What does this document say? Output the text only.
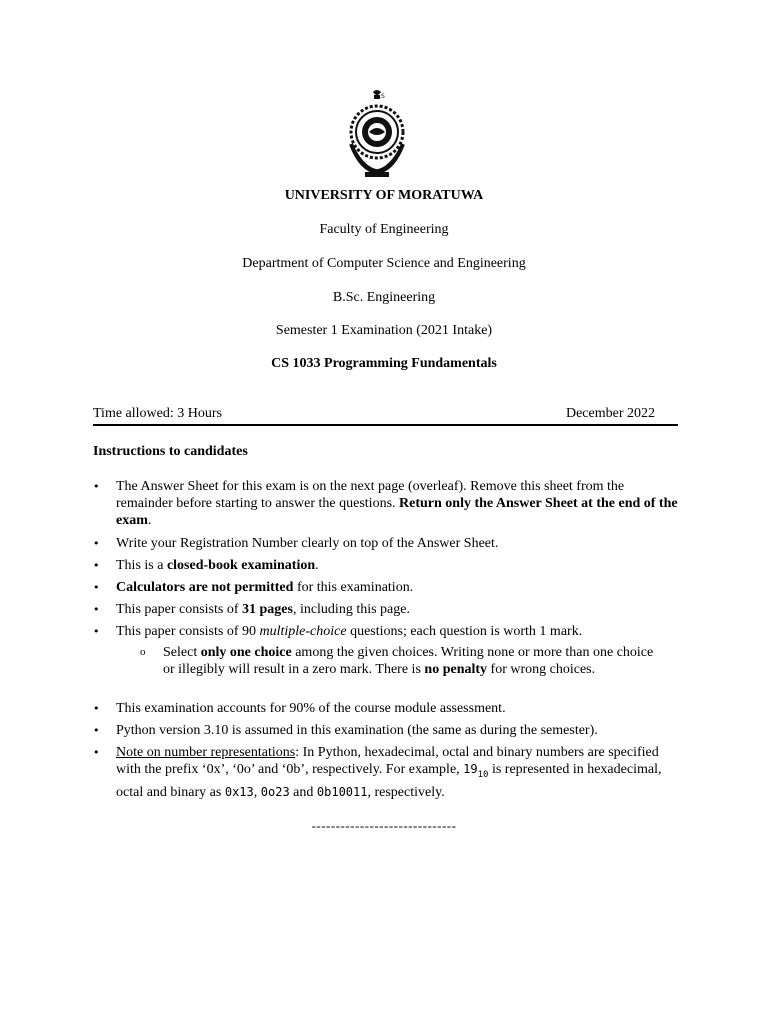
S
UNIVERSITY OF MORATUWA
Faculty of Engineering
Department of Computer Science and Engineering
B.Sc. Engineering
Semester 1 Examination (2021 Intake)
CS 1033 Programming Fundamentals
Time allowed: 3 Hours	December 2022
Instructions to candidates
•	The Answer Sheet for this exam is on the next page (overleaf). Remove this sheet from the remainder before starting to answer the questions. Return only the Answer Sheet at the end of the exam.
•	Write your Registration Number clearly on top of the Answer Sheet.
•	This is a closed-book examination.
•	Calculators are not permitted for this examination.
•	This paper consists of 31 pages, including this page.
•	This paper consists of 90 multiple-choice questions; each question is worth 1 mark.
o Select only one choice among the given choices. Writing none or more than one choice or illegibly will result in a zero mark. There is no penalty for wrong choices.
•	This examination accounts for 90% of the course module assessment.
•	Python version 3.10 is assumed in this examination (the same as during the semester).
•	Note on number representations: In Python, hexadecimal, octal and binary numbers are specified with the prefix ‘0x’, ‘0o’ and ‘0b’, respectively. For example, $19_{10}$ is represented in hexadecimal, octal and binary as 0x13, 0o23 and 0b10011, respectively.
------------------------------
